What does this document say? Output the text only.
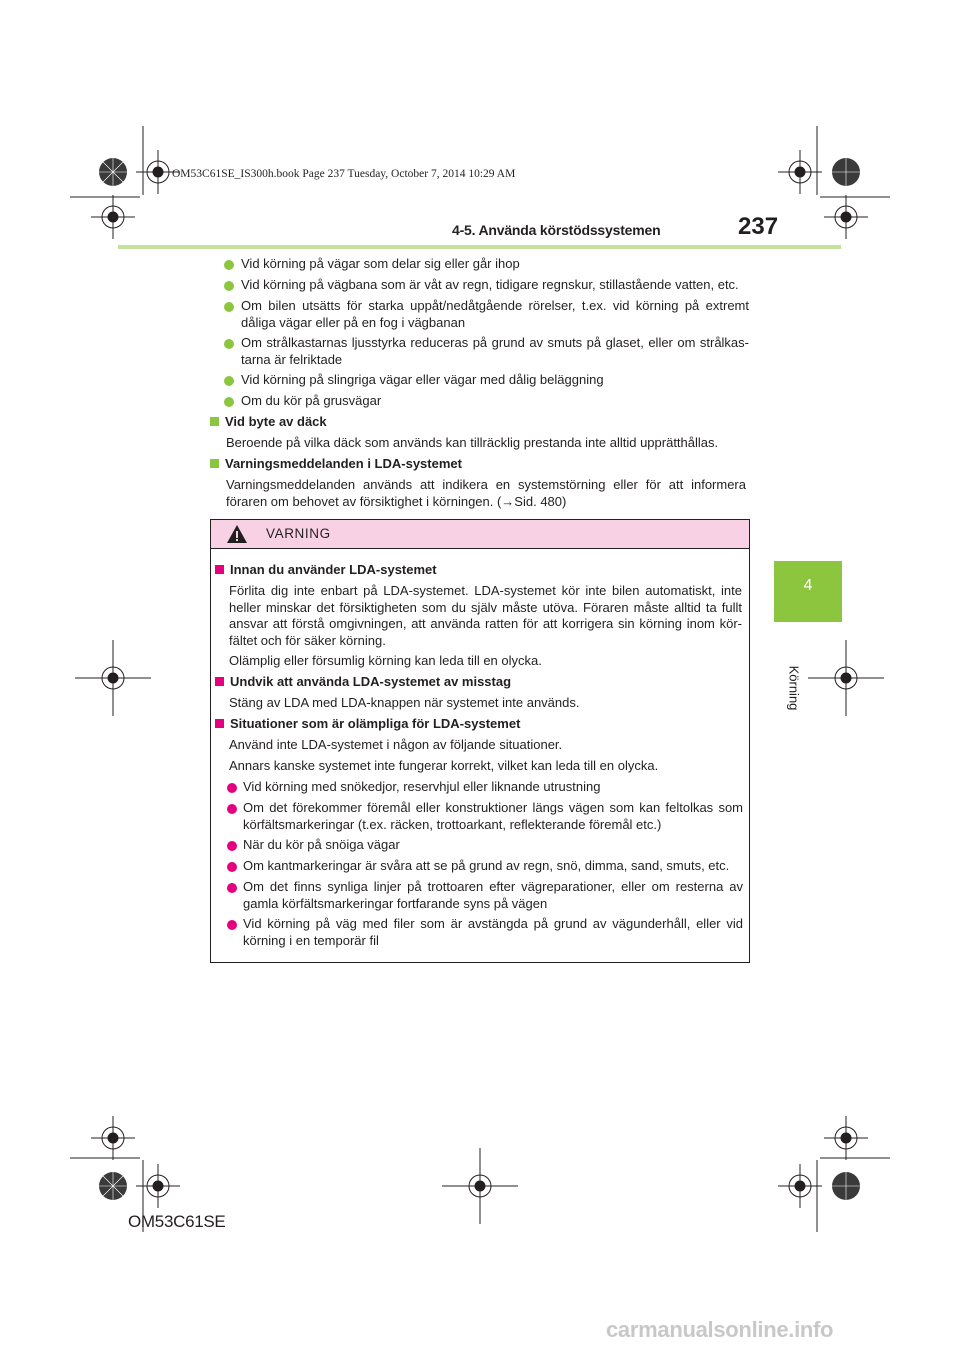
OM53C61SE_IS300h.book Page 237 Tuesday, October 7, 2014 10:29 AM
4-5. Använda körstödssystemen	237
4
Körning
Vid körning på vägar som delar sig eller går ihop
Vid körning på vägbana som är våt av regn, tidigare regnskur, stillastående vatten, etc.
Om bilen utsätts för starka uppåt/nedåtgående rörelser, t.ex. vid körning på extremt dåliga vägar eller på en fog i vägbanan
Om strålkastarnas ljusstyrka reduceras på grund av smuts på glaset, eller om strålkas-tarna är felriktade
Vid körning på slingriga vägar eller vägar med dålig beläggning
Om du kör på grusvägar
Vid byte av däck
Beroende på vilka däck som används kan tillräcklig prestanda inte alltid upprätthållas.
Varningsmeddelanden i LDA-systemet
Varningsmeddelanden används att indikera en systemstörning eller för att informera föraren om behovet av försiktighet i körningen. (→Sid. 480)
VARNING
Innan du använder LDA-systemet
Förlita dig inte enbart på LDA-systemet. LDA-systemet kör inte bilen automatiskt, inte heller minskar det försiktigheten som du själv måste utöva. Föraren måste alltid ta fullt ansvar att förstå omgivningen, att använda ratten för att korrigera sin körning inom kör-fältet och för säker körning.
Olämplig eller försumlig körning kan leda till en olycka.
Undvik att använda LDA-systemet av misstag
Stäng av LDA med LDA-knappen när systemet inte används.
Situationer som är olämpliga för LDA-systemet
Använd inte LDA-systemet i någon av följande situationer.
Annars kanske systemet inte fungerar korrekt, vilket kan leda till en olycka.
Vid körning med snökedjor, reservhjul eller liknande utrustning
Om det förekommer föremål eller konstruktioner längs vägen som kan feltolkas som körfältsmarkeringar (t.ex. räcken, trottoarkant, reflekterande föremål etc.)
När du kör på snöiga vägar
Om kantmarkeringar är svåra att se på grund av regn, snö, dimma, sand, smuts, etc.
Om det finns synliga linjer på trottoaren efter vägreparationer, eller om resterna av gamla körfältsmarkeringar fortfarande syns på vägen
Vid körning på väg med filer som är avstängda på grund av vägunderhåll, eller vid körning i en temporär fil
OM53C61SE
carmanualsonline.info
